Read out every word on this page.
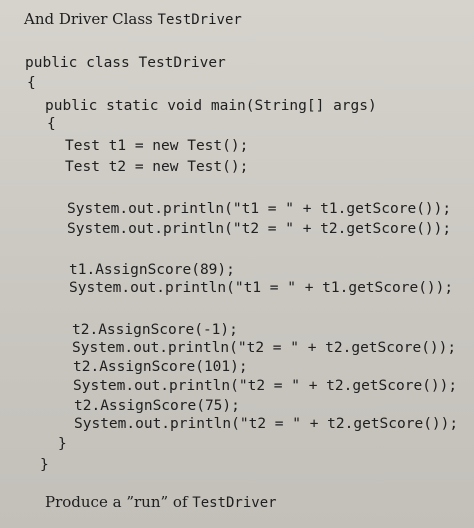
And Driver Class TestDriver
public class TestDriver
{
public static void main(String[] args)
{
Test t1 = new Test();
Test t2 = new Test();
System.out.println("t1 = " + t1.getScore());
System.out.println("t2 = " + t2.getScore());
t1.AssignScore(89);
System.out.println("t1 = " + t1.getScore());
t2.AssignScore(-1);
System.out.println("t2 = " + t2.getScore());
t2.AssignScore(101);
System.out.println("t2 = " + t2.getScore());
t2.AssignScore(75);
System.out.println("t2 = " + t2.getScore());
}
}
Produce a ”run” of TestDriver
